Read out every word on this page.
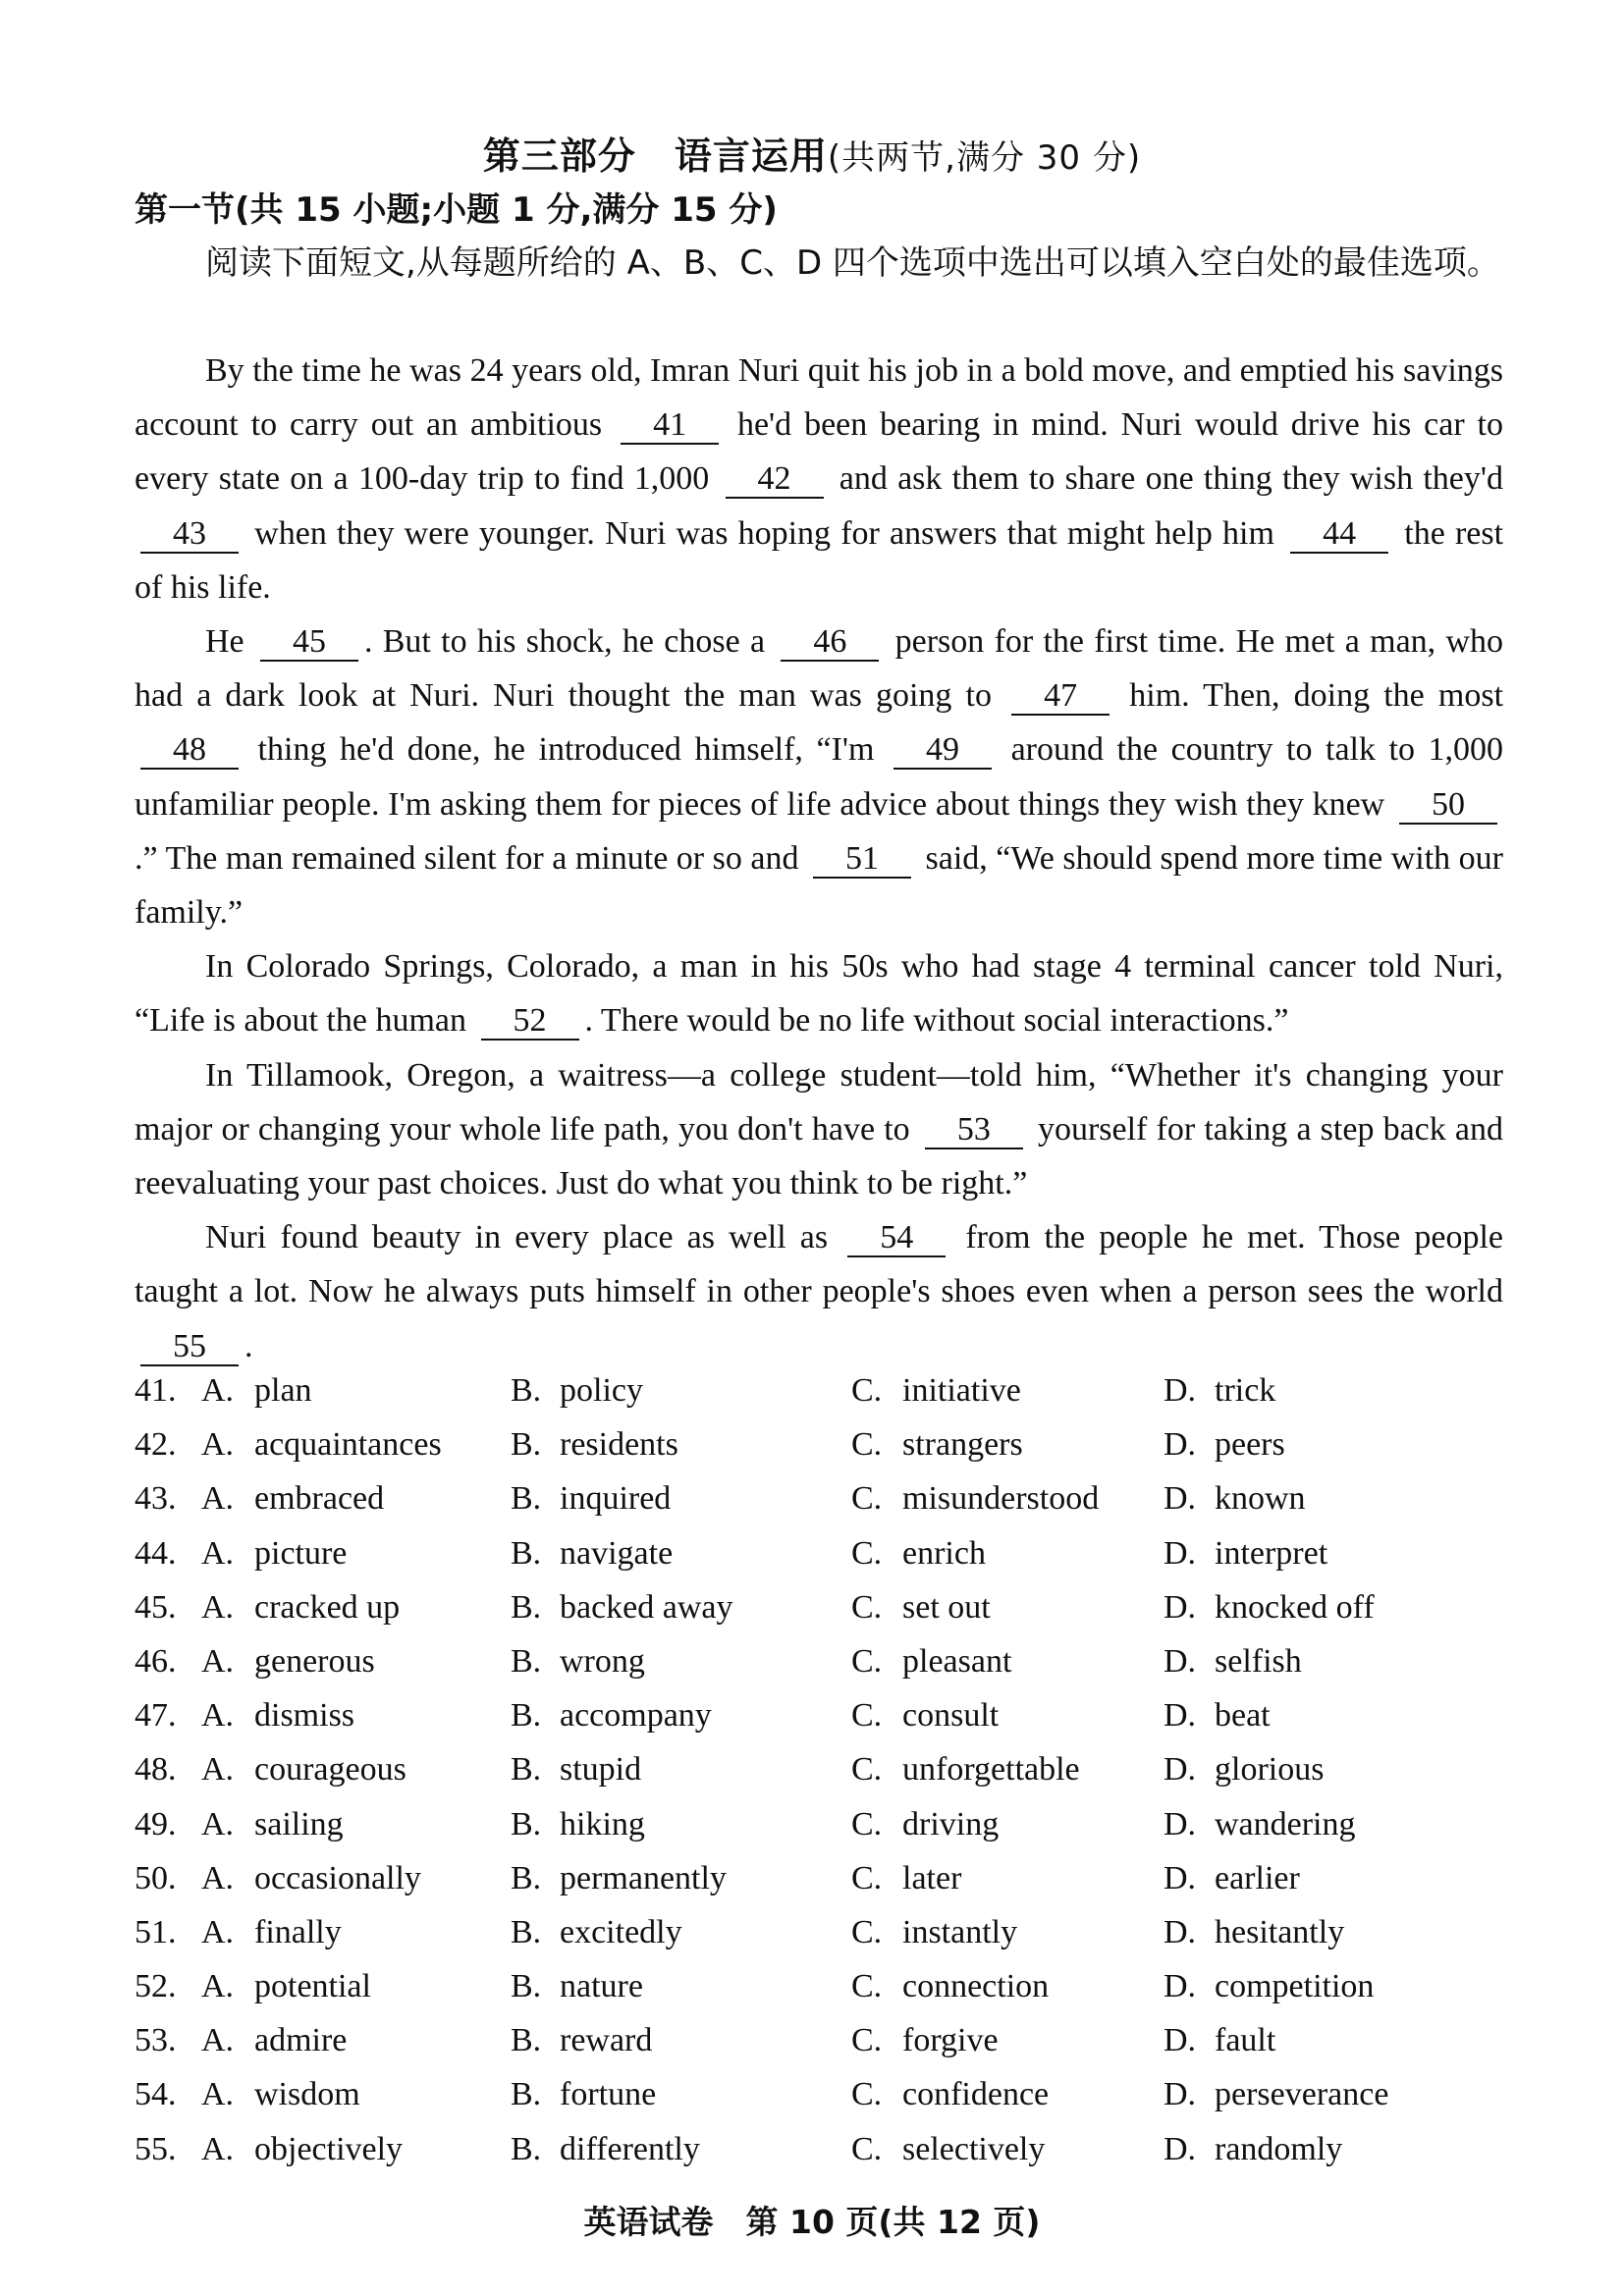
第三部分　语言运用(共两节,满分 30 分)
第一节(共 15 小题;小题 1 分,满分 15 分)
阅读下面短文,从每题所给的 A、B、C、D 四个选项中选出可以填入空白处的最佳选项。

By the time he was 24 years old, Imran Nuri quit his job in a bold move, and emptied his savings account to carry out an ambitious 41 he'd been bearing in mind. Nuri would drive his car to every state on a 100-day trip to find 1,000 42 and ask them to share one thing they wish they'd 43 when they were younger. Nuri was hoping for answers that might help him 44 the rest of his life.

He 45 . But to his shock, he chose a 46 person for the first time. He met a man, who had a dark look at Nuri. Nuri thought the man was going to 47 him. Then, doing the most 48 thing he'd done, he introduced himself, “I'm 49 around the country to talk to 1,000 unfamiliar people. I'm asking them for pieces of life advice about things they wish they knew 50.” The man remained silent for a minute or so and 51 said, “We should spend more time with our family.”

In Colorado Springs, Colorado, a man in his 50s who had stage 4 terminal cancer told Nuri, “Life is about the human 52 . There would be no life without social interactions.”

In Tillamook, Oregon, a waitress—a college student—told him, “Whether it's changing your major or changing your whole life path, you don't have to 53 yourself for taking a step back and reevaluating your past choices. Just do what you think to be right.”

Nuri found beauty in every place as well as 54 from the people he met. Those people taught a lot. Now he always puts himself in other people's shoes even when a person sees the world 55 .

41. A. plan	B. policy	C. initiative	D. trick
42. A. acquaintances B. residents	C. strangers	D. peers
43. A. embraced	B. inquired	C. misunderstood D. known
44. A. picture	B. navigate	C. enrich	D. interpret
45. A. cracked up	B. backed away	C. set out	D. knocked off
46. A. generous	B. wrong	C. pleasant	D. selfish
47. A. dismiss	B. accompany	C. consult	D. beat
48. A. courageous	B. stupid	C. unforgettable	D. glorious
49. A. sailing	B. hiking	C. driving	D. wandering
50. A. occasionally	B. permanently	C. later	D. earlier
51. A. finally	B. excitedly	C. instantly	D. hesitantly
52. A. potential	B. nature	C. connection	D. competition
53. A. admire	B. reward	C. forgive	D. fault
54. A. wisdom	B. fortune	C. confidence	D. perseverance
55. A. objectively	B. differently	C. selectively	D. randomly
英语试卷　第 10 页(共 12 页)
